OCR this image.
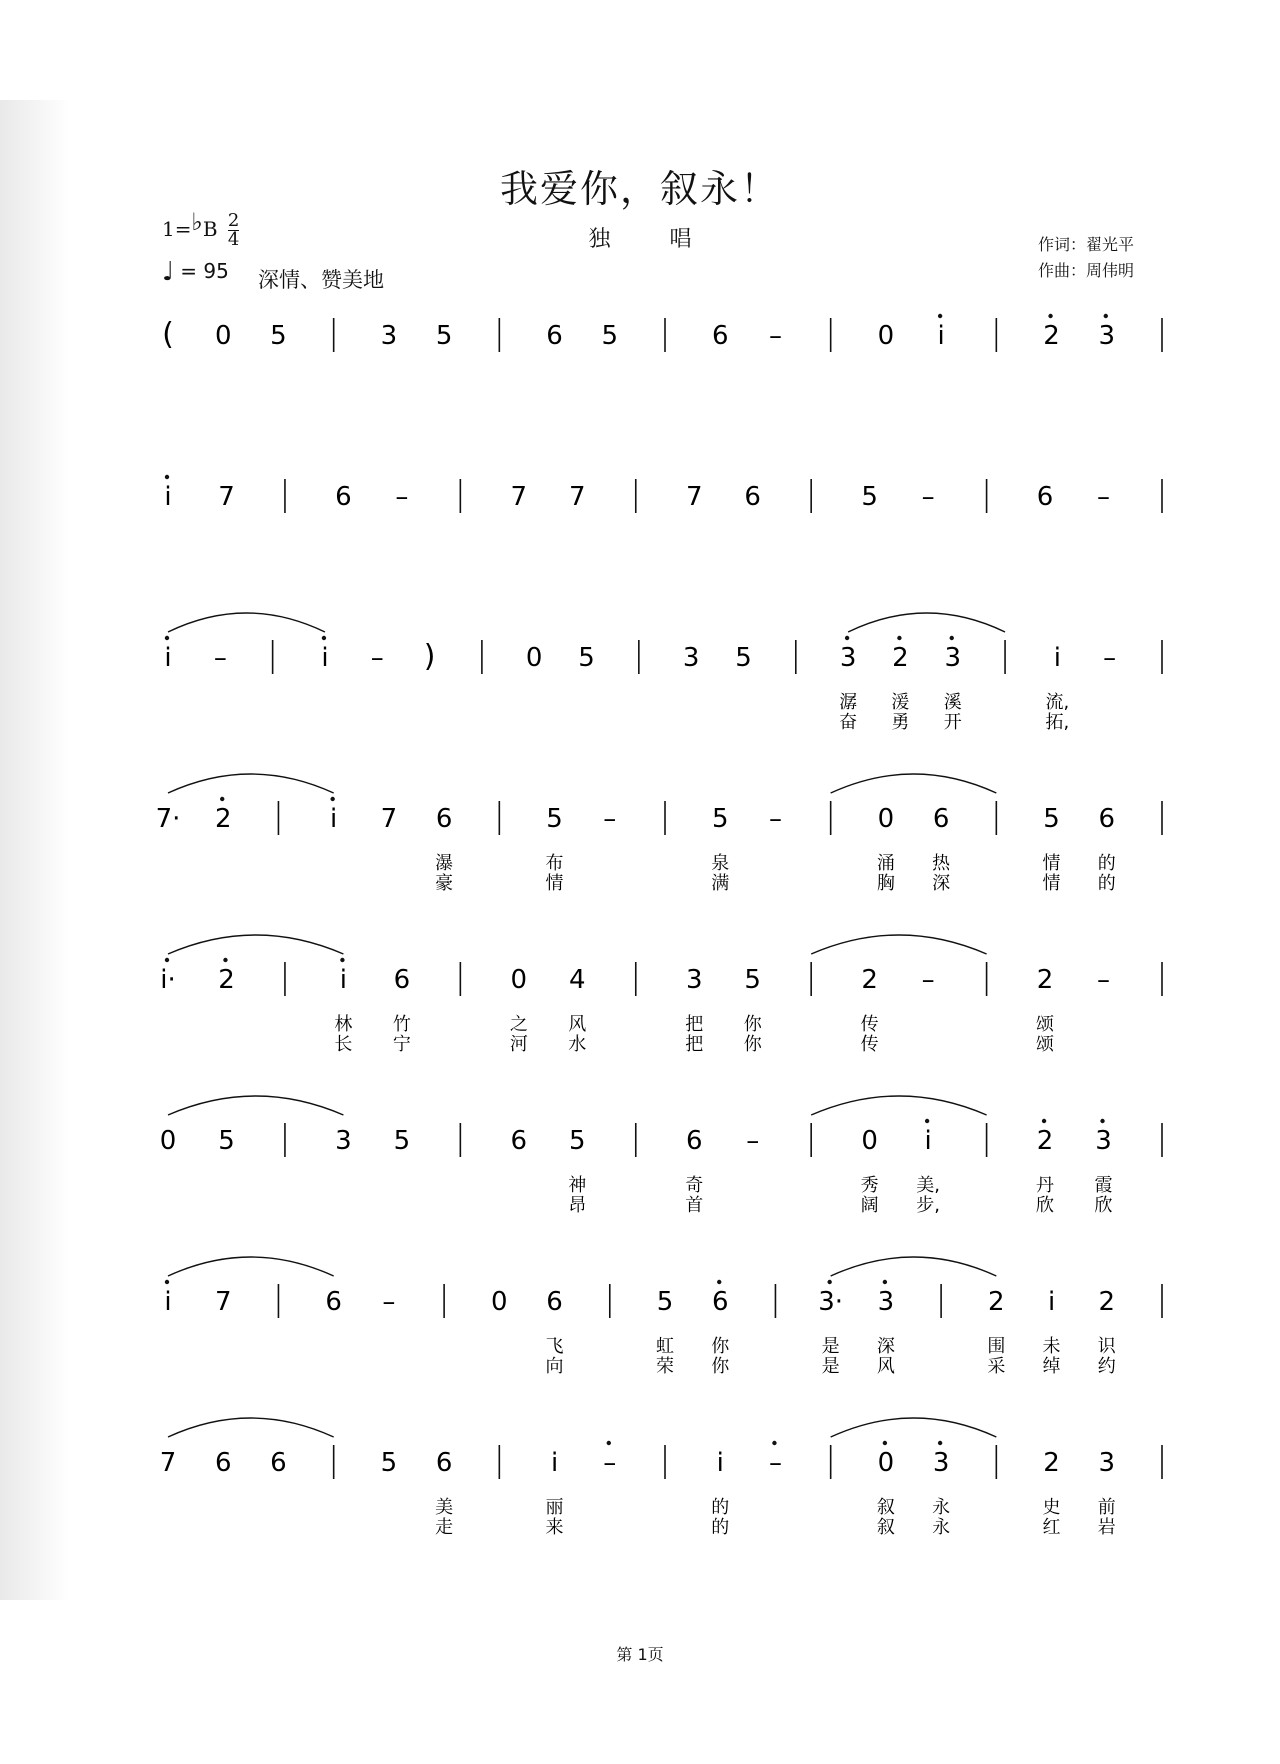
我爱你，叙永！
独 唱
1=♭B $\frac{2}{4}$
♩ = 95 深情、赞美地
作词：翟光平
作曲：周伟明
( 0 5	3 5	6 5	6 –	0 i	2 3
i 7	6 –	7 7	7 6	5 –	6 –
i –	i – )	0 5	3 5	3 2 3	i –
潺 湲 溪	流,
奋 勇 开	拓,
7· 2	i 7 6	5 –	5 –	0 6	5 6
瀑	布	泉	涌 热	情 的
豪	情	满	胸 深	情 的
i· 2	i 6	0 4	3 5	2 –	2 –
林 竹	之 风	把 你	传	颂
长 宁	河 水	把 你	传	颂
0 5	3 5	6 5	6 –	0 i	2 3
神	奇	秀 美,	丹 霞
昂	首	阔 步,	欣 欣
i 7	6 –	0 6	5 6	3· 3	2 i 2
飞	虹 你	是 深	围 未 识
向	荣 你	是 风	采 绰 约
7 6 6	5 6	i –	i –	0 3	2 3
美	丽	的	叙 永	史 前
走	来	的	叙 永	红 岩
第 1页
